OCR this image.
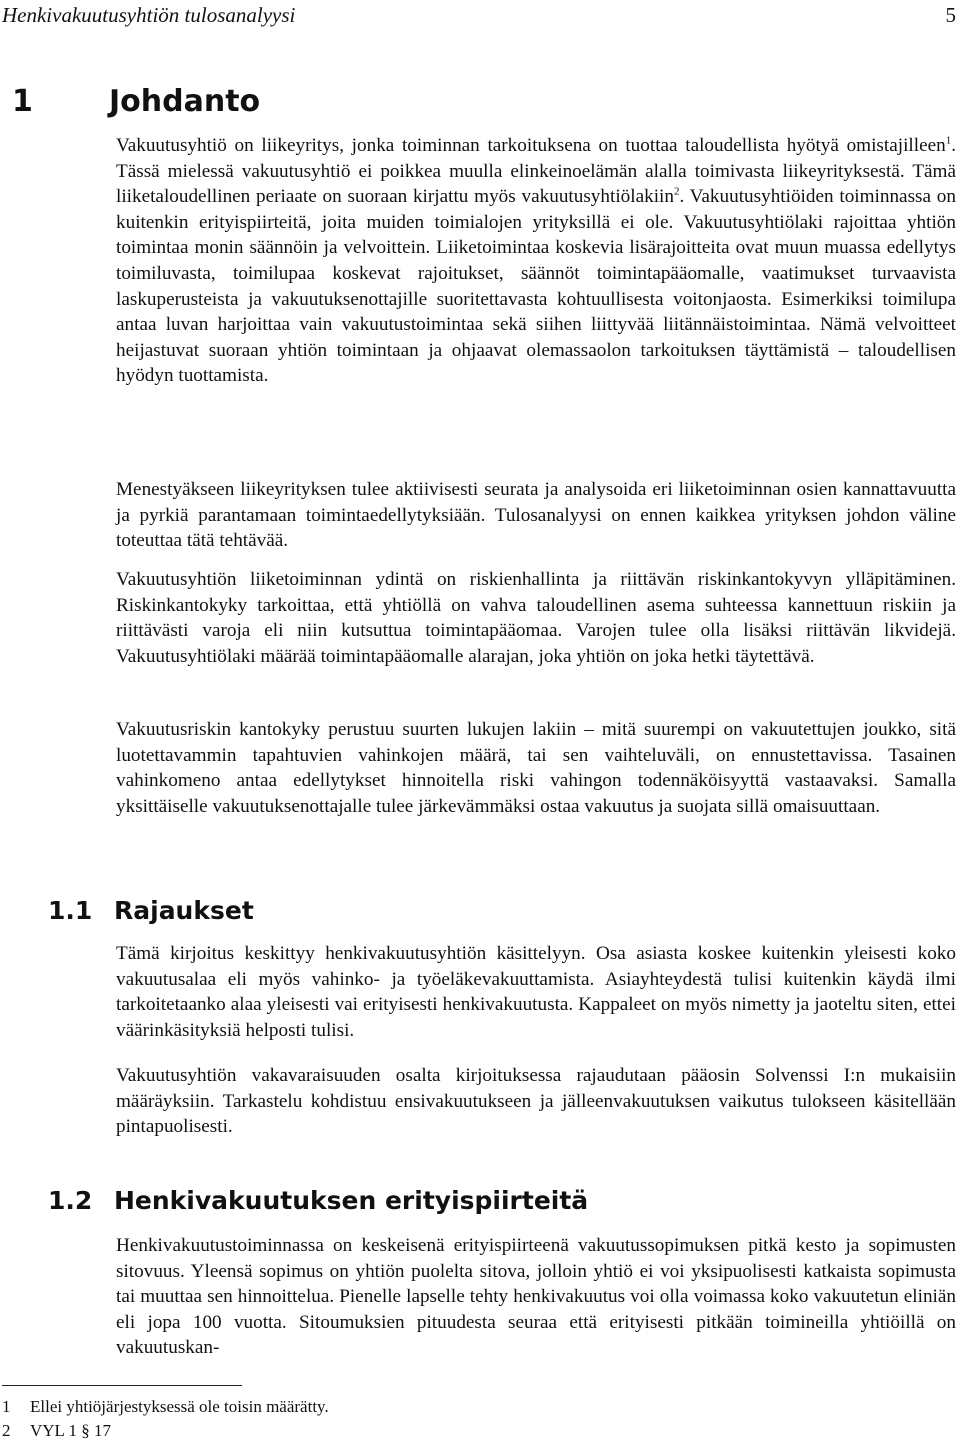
Henkivakuutusyhtiön tulosanalyysi	5
1	Johdanto

Vakuutusyhtiö on liikeyritys, jonka toiminnan tarkoituksena on tuottaa taloudellista hyötyä omistajilleen$^1$. Tässä mielessä vakuutusyhtiö ei poikkea muulla elinkeinoelämän alalla toimivasta liikeyrityksestä. Tämä liiketaloudellinen periaate on suoraan kirjattu myös vakuutusyhtiölakiin$^2$. Vakuutusyhtiöiden toiminnassa on kuitenkin erityispiirteitä, joita muiden toimialojen yrityksillä ei ole. Vakuutusyhtiölaki rajoittaa yhtiön toimintaa monin säännöin ja velvoittein. Liiketoimintaa koskevia lisärajoitteita ovat muun muassa edellytys toimiluvasta, toimilupaa koskevat rajoitukset, säännöt toimintapääomalle, vaatimukset turvaavista laskuperusteista ja vakuutuksenottajille suoritettavasta kohtuullisesta voitonjaosta. Esimerkiksi toimilupa antaa luvan harjoittaa vain vakuutustoimintaa sekä siihen liittyvää liitännäistoimintaa. Nämä velvoitteet heijastuvat suoraan yhtiön toimintaan ja ohjaavat olemassaolon tarkoituksen täyttämistä – taloudellisen hyödyn tuottamista.

Menestyäkseen liikeyrityksen tulee aktiivisesti seurata ja analysoida eri liiketoiminnan osien kannattavuutta ja pyrkiä parantamaan toimintaedellytyksiään. Tulosanalyysi on ennen kaikkea yrityksen johdon väline toteuttaa tätä tehtävää.

Vakuutusyhtiön liiketoiminnan ydintä on riskienhallinta ja riittävän riskinkantokyvyn ylläpitäminen. Riskinkantokyky tarkoittaa, että yhtiöllä on vahva taloudellinen asema suhteessa kannettuun riskiin ja riittävästi varoja eli niin kutsuttua toimintapääomaa. Varojen tulee olla lisäksi riittävän likvidejä. Vakuutusyhtiölaki määrää toimintapääomalle alarajan, joka yhtiön on joka hetki täytettävä.

Vakuutusriskin kantokyky perustuu suurten lukujen lakiin – mitä suurempi on vakuutettujen joukko, sitä luotettavammin tapahtuvien vahinkojen määrä, tai sen vaihteluväli, on ennustettavissa. Tasainen vahinkomeno antaa edellytykset hinnoitella riski vahingon todennäköisyyttä vastaavaksi. Samalla yksittäiselle vakuutuksenottajalle tulee järkevämmäksi ostaa vakuutus ja suojata sillä omaisuuttaan.

1.1 Rajaukset

Tämä kirjoitus keskittyy henkivakuutusyhtiön käsittelyyn. Osa asiasta koskee kuitenkin yleisesti koko vakuutusalaa eli myös vahinko- ja työeläkevakuuttamista. Asiayhteydestä tulisi kuitenkin käydä ilmi tarkoitetaanko alaa yleisesti vai erityisesti henkivakuutusta. Kappaleet on myös nimetty ja jaoteltu siten, ettei väärinkäsityksiä helposti tulisi.

Vakuutusyhtiön vakavaraisuuden osalta kirjoituksessa rajaudutaan pääosin Solvenssi I:n mukaisiin määräyksiin. Tarkastelu kohdistuu ensivakuutukseen ja jälleenvakuutuksen vaikutus tulokseen käsitellään pintapuolisesti.

1.2 Henkivakuutuksen erityispiirteitä

Henkivakuutustoiminnassa on keskeisenä erityispiirteenä vakuutussopimuksen pitkä kesto ja sopimusten sitovuus. Yleensä sopimus on yhtiön puolelta sitova, jolloin yhtiö ei voi yksipuolisesti katkaista sopimusta tai muuttaa sen hinnoittelua. Pienelle lapselle tehty henkivakuutus voi olla voimassa koko vakuutetun eliniän eli jopa 100 vuotta. Sitoumuksien pituudesta seuraa että erityisesti pitkään toimineilla yhtiöillä on vakuutuskan-

1 Ellei yhtiöjärjestyksessä ole toisin määrätty.
2 VYL 1 § 17
